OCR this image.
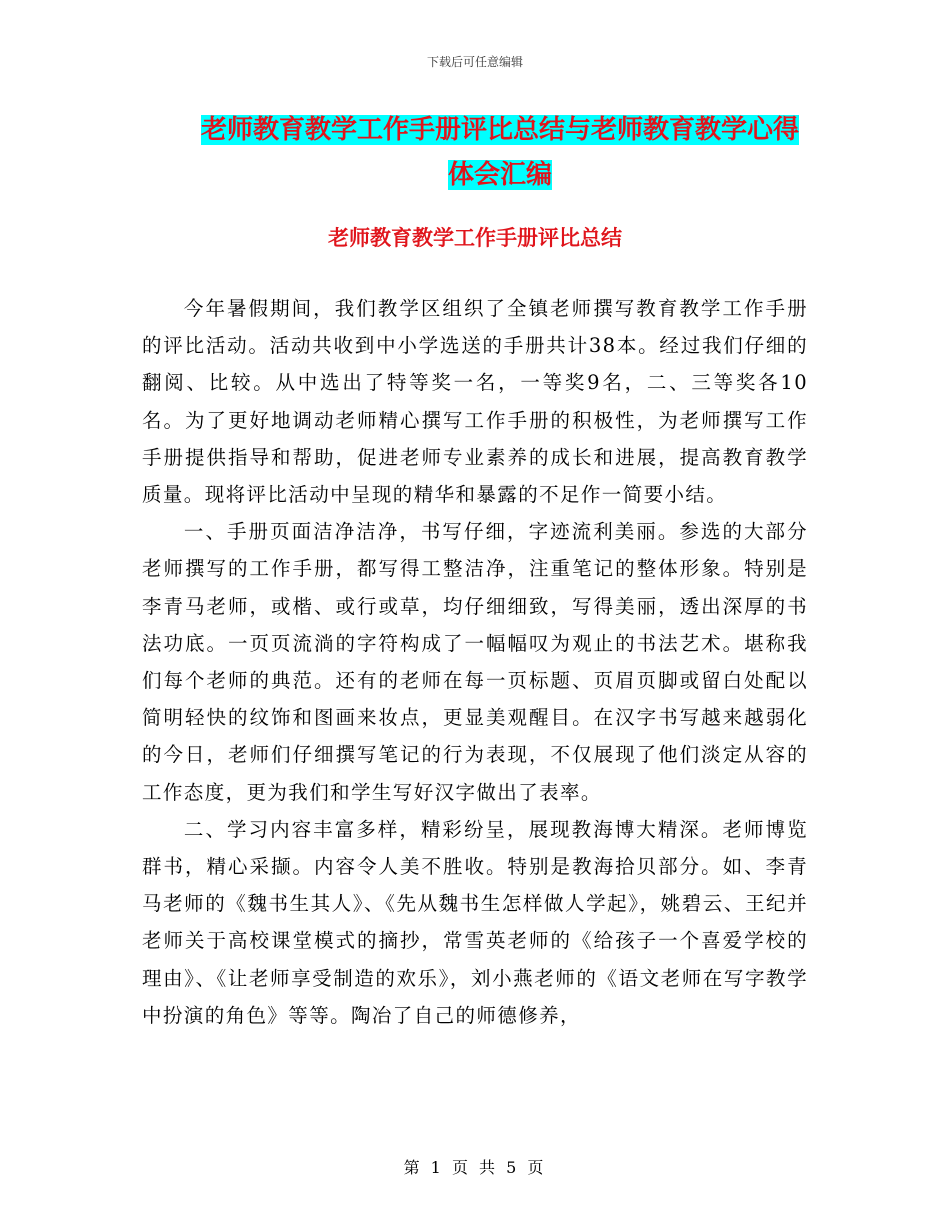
下载后可任意编辑
老师教育教学工作手册评比总结与老师教育教学心得
体会汇编
老师教育教学工作手册评比总结

今年暑假期间，我们教学区组织了全镇老师撰写教育教学工作手册的评比活动。活动共收到中小学选送的手册共计38本。经过我们仔细的翻阅、比较。从中选出了特等奖一名，一等奖9名，二、三等奖各10名。为了更好地调动老师精心撰写工作手册的积极性，为老师撰写工作手册提供指导和帮助，促进老师专业素养的成长和进展，提高教育教学质量。现将评比活动中呈现的精华和暴露的不足作一简要小结。

一、手册页面洁净洁净，书写仔细，字迹流利美丽。参选的大部分老师撰写的工作手册，都写得工整洁净，注重笔记的整体形象。特别是李青马老师，或楷、或行或草，均仔细细致，写得美丽，透出深厚的书法功底。一页页流淌的字符构成了一幅幅叹为观止的书法艺术。堪称我们每个老师的典范。还有的老师在每一页标题、页眉页脚或留白处配以简明轻快的纹饰和图画来妆点，更显美观醒目。在汉字书写越来越弱化的今日，老师们仔细撰写笔记的行为表现，不仅展现了他们淡定从容的工作态度，更为我们和学生写好汉字做出了表率。

二、学习内容丰富多样，精彩纷呈，展现教海博大精深。老师博览群书，精心采撷。内容令人美不胜收。特别是教海拾贝部分。如、李青马老师的《魏书生其人》、《先从魏书生怎样做人学起》，姚碧云、王纪并老师关于高校课堂模式的摘抄，常雪英老师的《给孩子一个喜爱学校的理由》、《让老师享受制造的欢乐》，刘小燕老师的《语文老师在写字教学中扮演的角色》等等。陶冶了自己的师德修养，

第 1 页 共 5 页
